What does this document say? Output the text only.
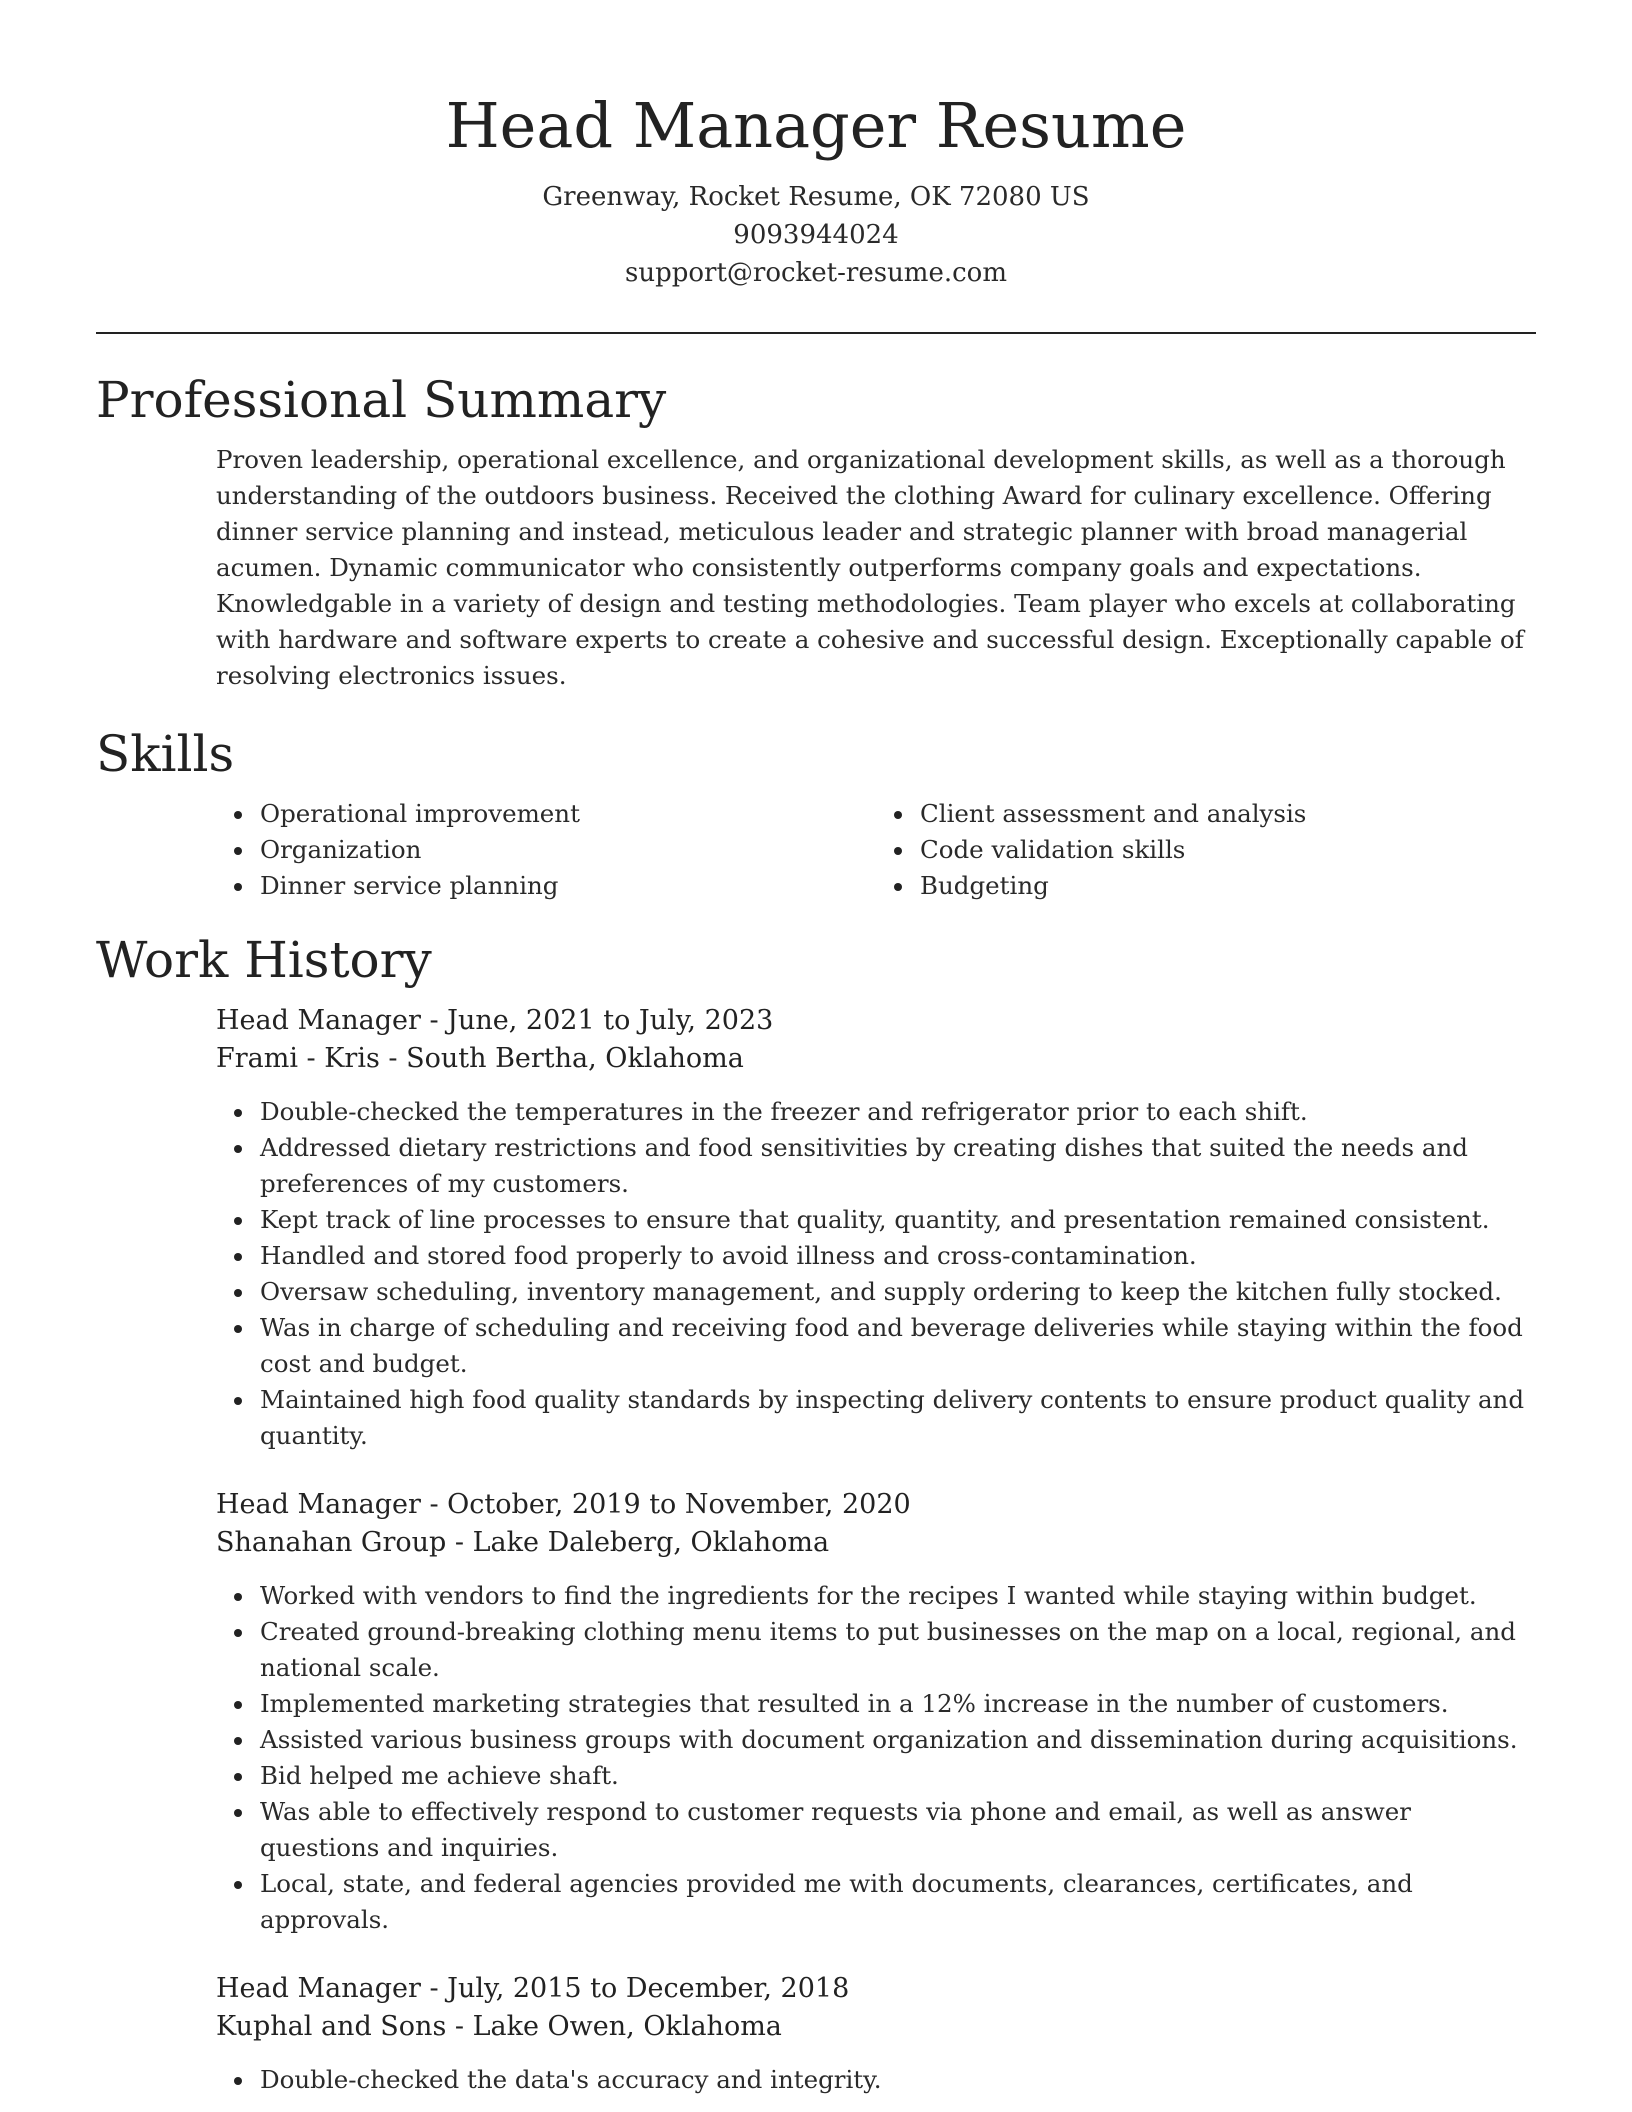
Head Manager Resume

Greenway, Rocket Resume, OK 72080 US

9093944024

support@rocket-resume.com

Professional Summary

Proven leadership, operational excellence, and organizational development skills, as well as a thorough understanding of the outdoors business. Received the clothing Award for culinary excellence. Offering dinner service planning and instead, meticulous leader and strategic planner with broad managerial acumen. Dynamic communicator who consistently outperforms company goals and expectations. Knowledgable in a variety of design and testing methodologies. Team player who excels at collaborating with hardware and software experts to create a cohesive and successful design. Exceptionally capable of resolving electronics issues.

Skills
Operational improvement
Organization
Dinner service planning
Client assessment and analysis
Code validation skills
Budgeting
Work History
Head Manager - June, 2021 to July, 2023
Frami - Kris - South Bertha, Oklahoma
Double-checked the temperatures in the freezer and refrigerator prior to each shift.
Addressed dietary restrictions and food sensitivities by creating dishes that suited the needs and preferences of my customers.
Kept track of line processes to ensure that quality, quantity, and presentation remained consistent.
Handled and stored food properly to avoid illness and cross-contamination.
Oversaw scheduling, inventory management, and supply ordering to keep the kitchen fully stocked.
Was in charge of scheduling and receiving food and beverage deliveries while staying within the food cost and budget.
Maintained high food quality standards by inspecting delivery contents to ensure product quality and quantity.
Head Manager - October, 2019 to November, 2020
Shanahan Group - Lake Daleberg, Oklahoma
Worked with vendors to find the ingredients for the recipes I wanted while staying within budget.
Created ground-breaking clothing menu items to put businesses on the map on a local, regional, and national scale.
Implemented marketing strategies that resulted in a 12% increase in the number of customers.
Assisted various business groups with document organization and dissemination during acquisitions.
Bid helped me achieve shaft.
Was able to effectively respond to customer requests via phone and email, as well as answer questions and inquiries.
Local, state, and federal agencies provided me with documents, clearances, certificates, and approvals.
Head Manager - July, 2015 to December, 2018
Kuphal and Sons - Lake Owen, Oklahoma
Double-checked the data's accuracy and integrity.
